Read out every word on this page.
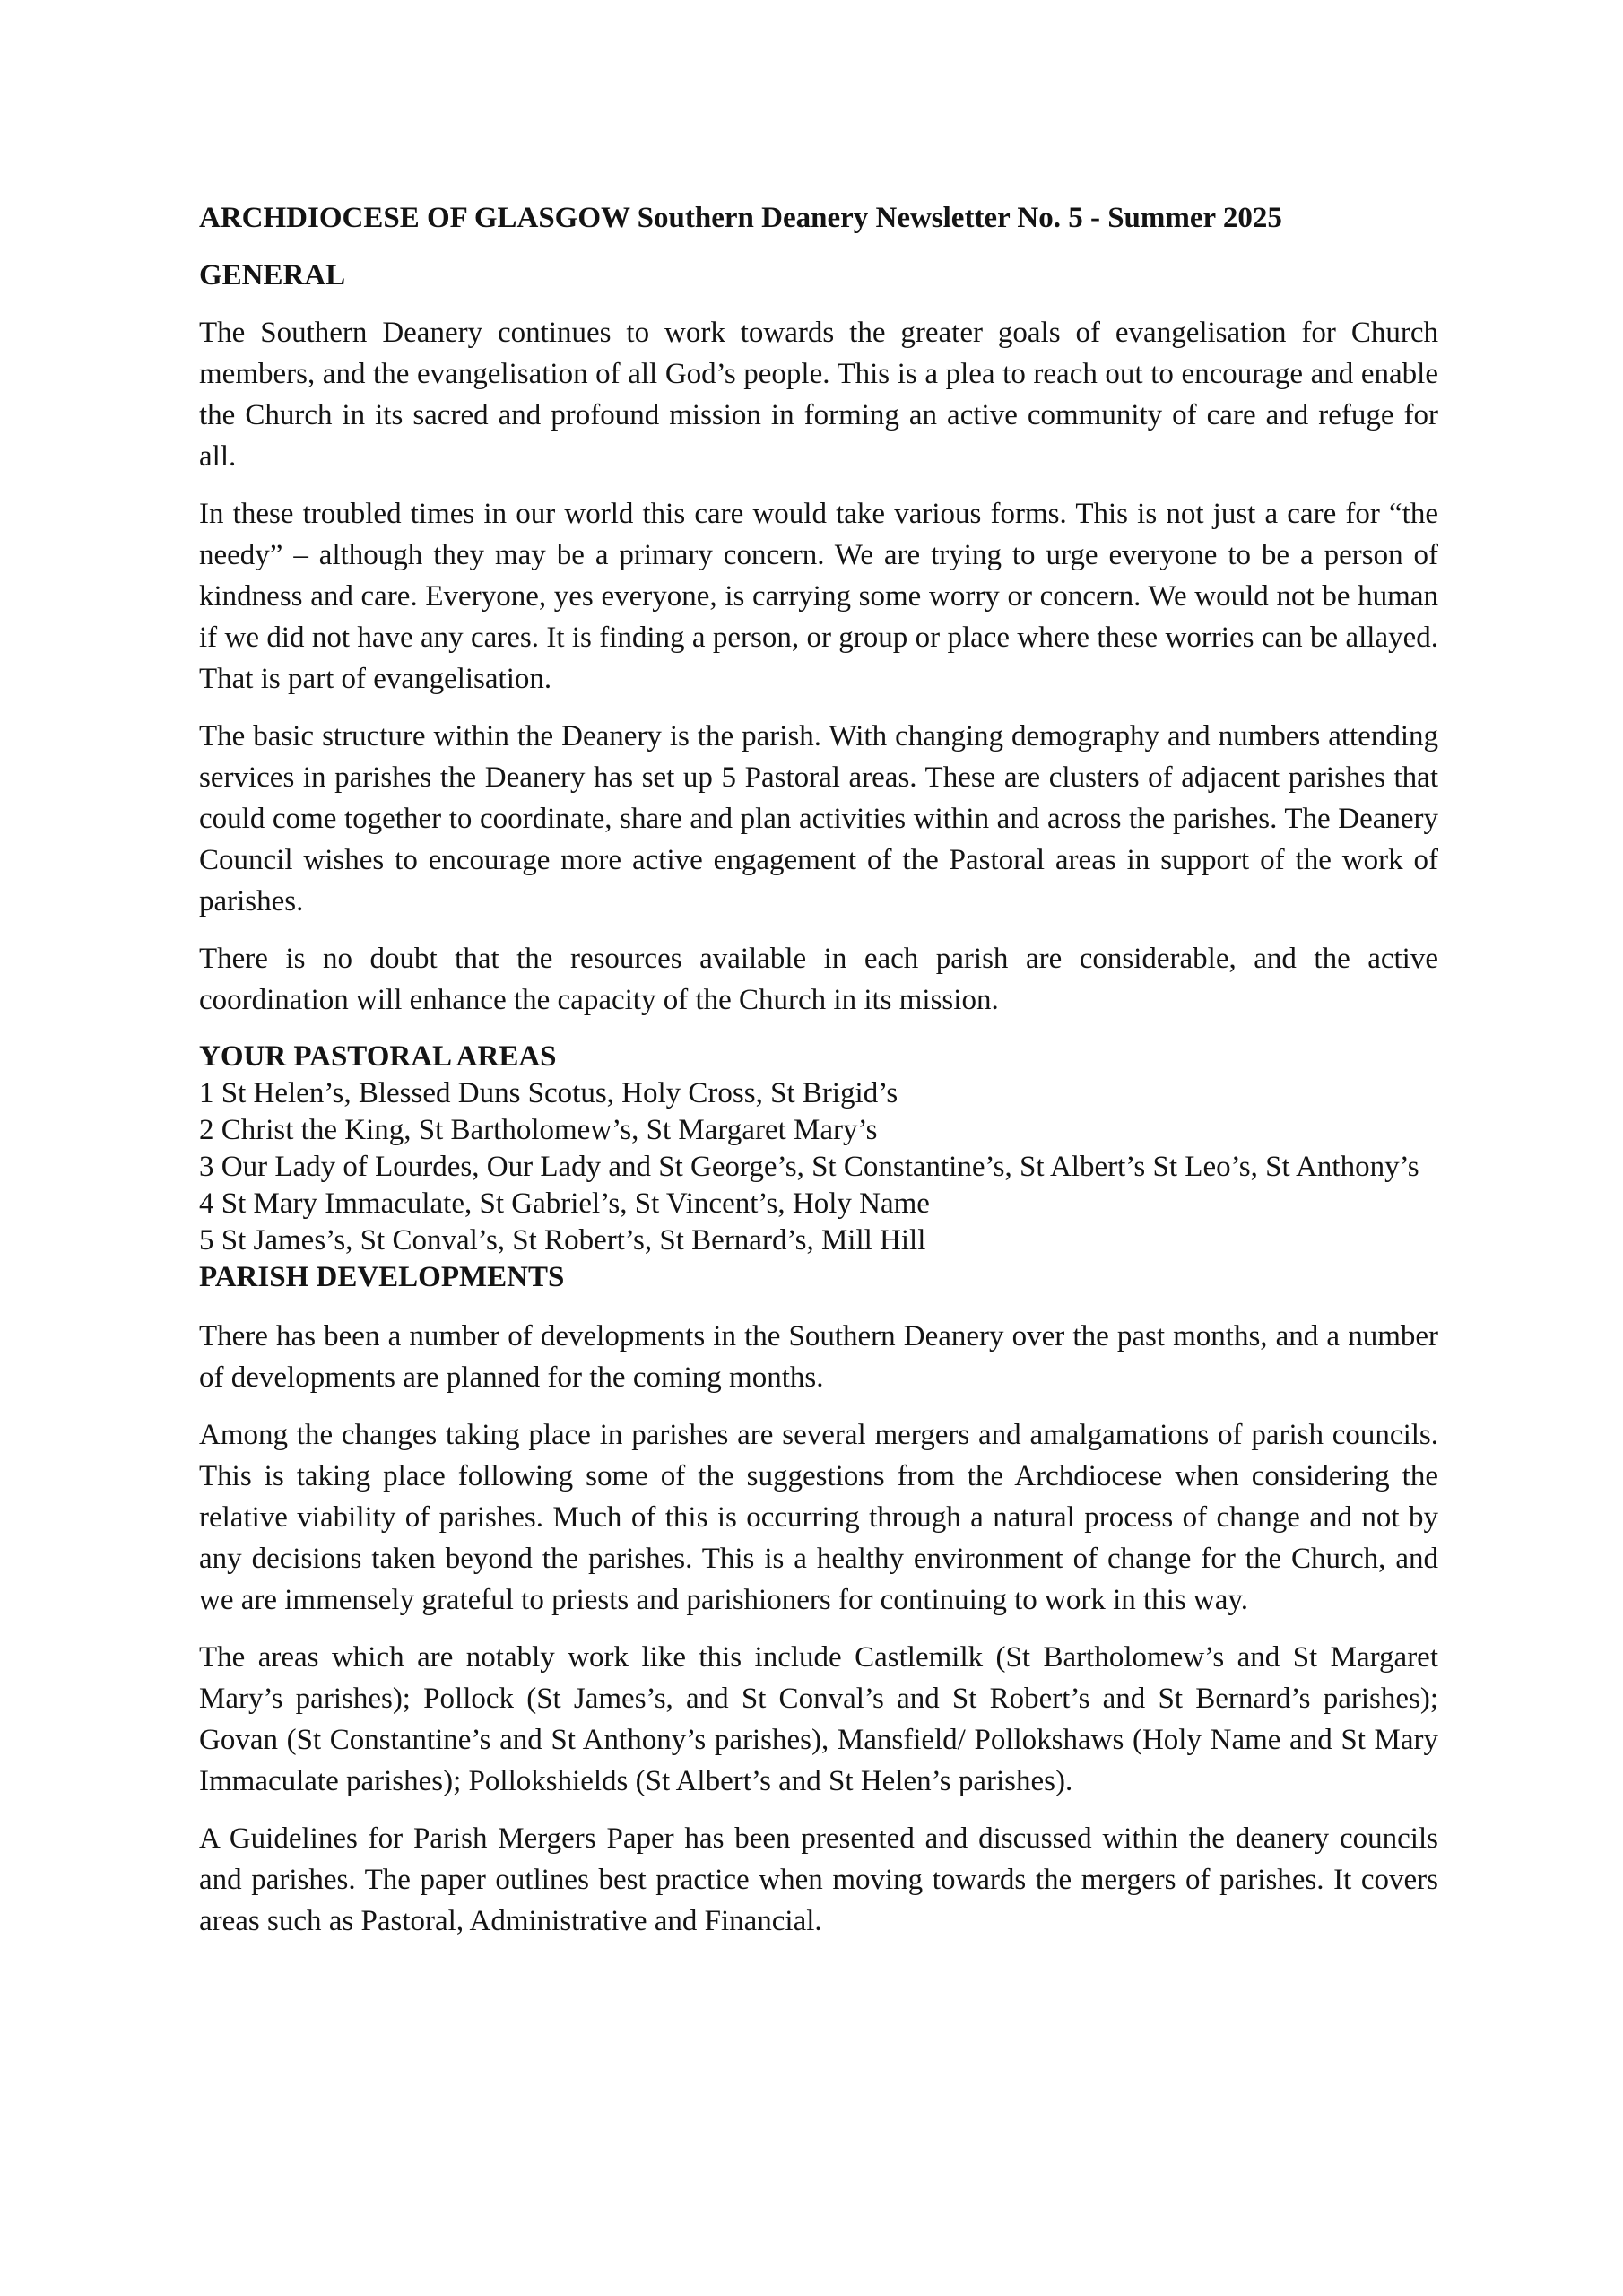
ARCHDIOCESE OF GLASGOW Southern Deanery Newsletter No. 5 - Summer 2025
GENERAL

The Southern Deanery continues to work towards the greater goals of evangelisation for Church members, and the evangelisation of all God’s people. This is a plea to reach out to encourage and enable the Church in its sacred and profound mission in forming an active community of care and refuge for all.

In these troubled times in our world this care would take various forms. This is not just a care for “the needy” – although they may be a primary concern. We are trying to urge everyone to be a person of kindness and care. Everyone, yes everyone, is carrying some worry or concern. We would not be human if we did not have any cares. It is finding a person, or group or place where these worries can be allayed. That is part of evangelisation.

The basic structure within the Deanery is the parish. With changing demography and numbers attending services in parishes the Deanery has set up 5 Pastoral areas. These are clusters of adjacent parishes that could come together to coordinate, share and plan activities within and across the parishes. The Deanery Council wishes to encourage more active engagement of the Pastoral areas in support of the work of parishes.

There is no doubt that the resources available in each parish are considerable, and the active coordination will enhance the capacity of the Church in its mission.

YOUR PASTORAL AREAS
1 St Helen’s, Blessed Duns Scotus, Holy Cross, St Brigid’s
2 Christ the King, St Bartholomew’s, St Margaret Mary’s
3 Our Lady of Lourdes, Our Lady and St George’s, St Constantine’s, St Albert’s St Leo’s, St Anthony’s
4 St Mary Immaculate, St Gabriel’s, St Vincent’s, Holy Name
5 St James’s, St Conval’s, St Robert’s, St Bernard’s, Mill Hill
PARISH DEVELOPMENTS

There has been a number of developments in the Southern Deanery over the past months, and a number of developments are planned for the coming months.

Among the changes taking place in parishes are several mergers and amalgamations of parish councils. This is taking place following some of the suggestions from the Archdiocese when considering the relative viability of parishes. Much of this is occurring through a natural process of change and not by any decisions taken beyond the parishes. This is a healthy environment of change for the Church, and we are immensely grateful to priests and parishioners for continuing to work in this way.

The areas which are notably work like this include Castlemilk (St Bartholomew’s and St Margaret Mary’s parishes); Pollock (St James’s, and St Conval’s and St Robert’s and St Bernard’s parishes); Govan (St Constantine’s and St Anthony’s parishes), Mansfield/ Pollokshaws (Holy Name and St Mary Immaculate parishes); Pollokshields (St Albert’s and St Helen’s parishes).

A Guidelines for Parish Mergers Paper has been presented and discussed within the deanery councils and parishes. The paper outlines best practice when moving towards the mergers of parishes. It covers areas such as Pastoral, Administrative and Financial.
